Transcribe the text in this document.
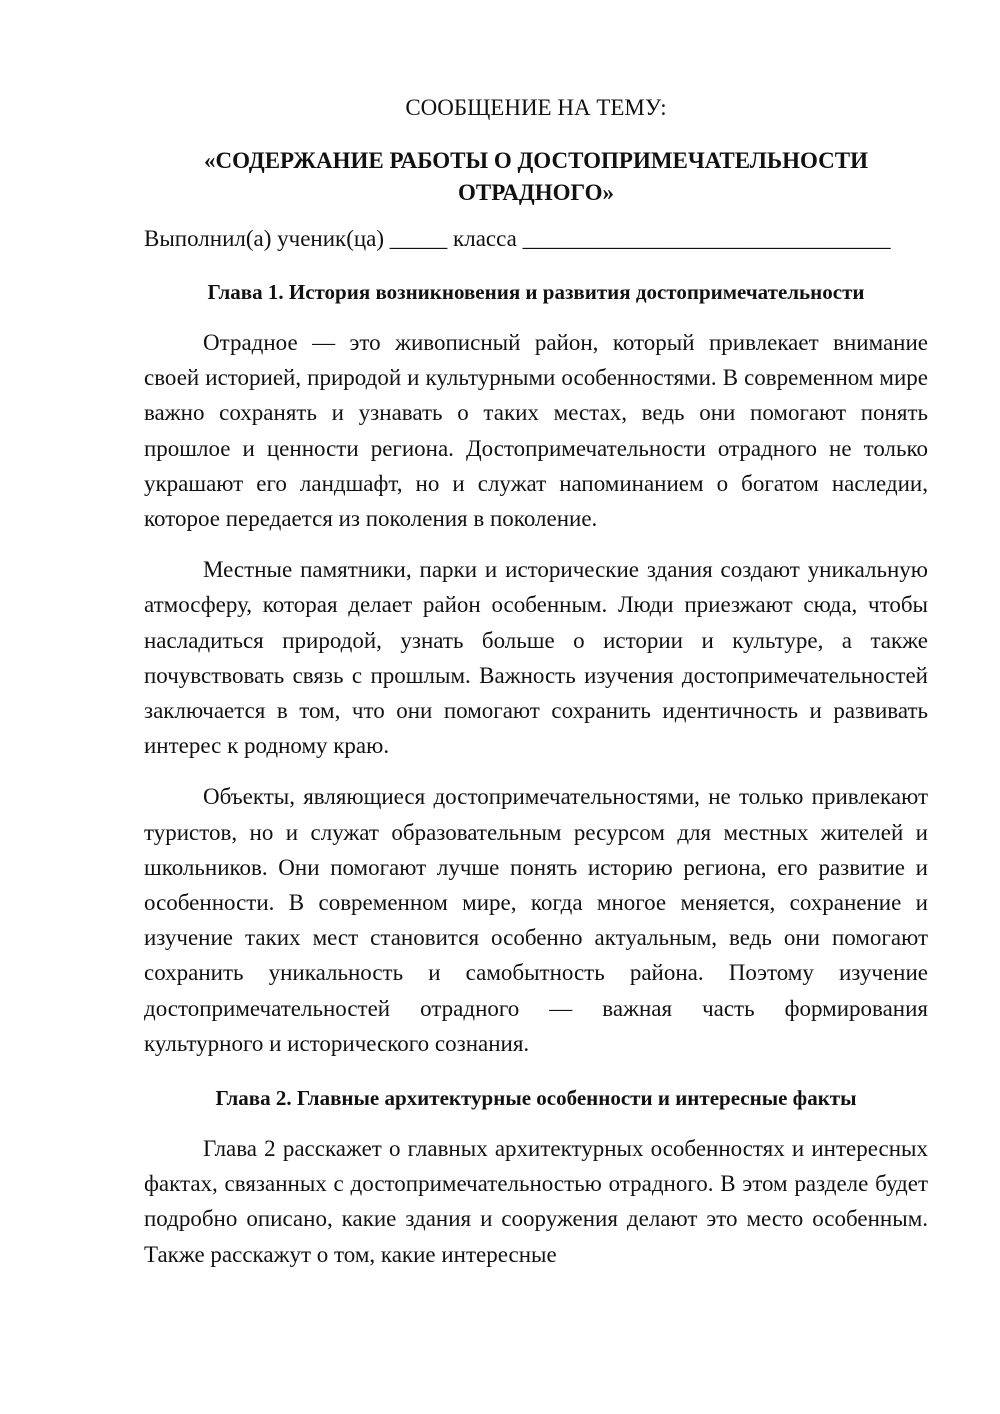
СООБЩЕНИЕ НА ТЕМУ:
«СОДЕРЖАНИЕ РАБОТЫ О ДОСТОПРИМЕЧАТЕЛЬНОСТИ
ОТРАДНОГО»
Выполнил(а) ученик(ца) _____ класса ________________________________
Глава 1. История возникновения и развития достопримечательности

Отрадное — это живописный район, который привлекает внимание своей историей, природой и культурными особенностями. В современном мире важно сохранять и узнавать о таких местах, ведь они помогают понять прошлое и ценности региона. Достопримечательности отрадного не только украшают его ландшафт, но и служат напоминанием о богатом наследии, которое передается из поколения в поколение.

Местные памятники, парки и исторические здания создают уникальную атмосферу, которая делает район особенным. Люди приезжают сюда, чтобы насладиться природой, узнать больше о истории и культуре, а также почувствовать связь с прошлым. Важность изучения достопримечательностей заключается в том, что они помогают сохранить идентичность и развивать интерес к родному краю.

Объекты, являющиеся достопримечательностями, не только привлекают туристов, но и служат образовательным ресурсом для местных жителей и школьников. Они помогают лучше понять историю региона, его развитие и особенности. В современном мире, когда многое меняется, сохранение и изучение таких мест становится особенно актуальным, ведь они помогают сохранить уникальность и самобытность района. Поэтому изучение достопримечательностей отрадного — важная часть формирования культурного и исторического сознания.

Глава 2. Главные архитектурные особенности и интересные факты

Глава 2 расскажет о главных архитектурных особенностях и интересных фактах, связанных с достопримечательностью отрадного. В этом разделе будет подробно описано, какие здания и сооружения делают это место особенным. Также расскажут о том, какие интересные
